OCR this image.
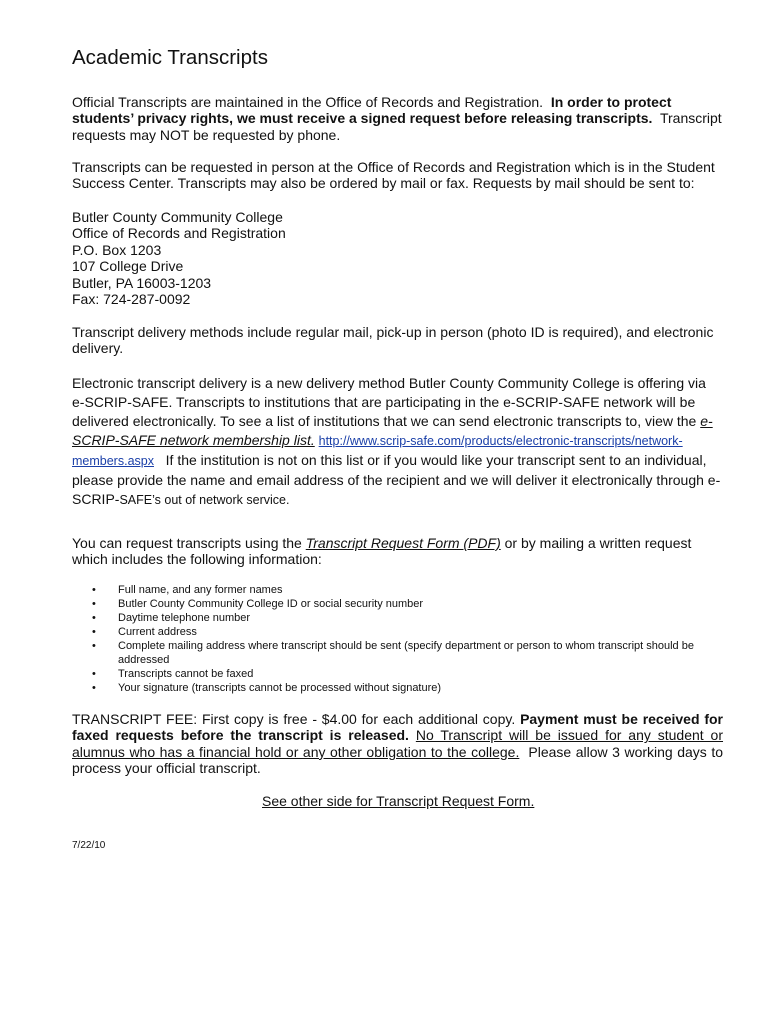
Academic Transcripts
Official Transcripts are maintained in the Office of Records and Registration. In order to protect students’ privacy rights, we must receive a signed request before releasing transcripts. Transcript requests may NOT be requested by phone.
Transcripts can be requested in person at the Office of Records and Registration which is in the Student Success Center. Transcripts may also be ordered by mail or fax. Requests by mail should be sent to:
Butler County Community College
Office of Records and Registration
P.O. Box 1203
107 College Drive
Butler, PA 16003-1203
Fax: 724-287-0092
Transcript delivery methods include regular mail, pick-up in person (photo ID is required), and electronic delivery.
Electronic transcript delivery is a new delivery method Butler County Community College is offering via e-SCRIP-SAFE. Transcripts to institutions that are participating in the e-SCRIP-SAFE network will be delivered electronically. To see a list of institutions that we can send electronic transcripts to, view the e-SCRIP-SAFE network membership list. http://www.scrip-safe.com/products/electronic-transcripts/network-members.aspx If the institution is not on this list or if you would like your transcript sent to an individual, please provide the name and email address of the recipient and we will deliver it electronically through e-SCRIP-SAFE’s out of network service.
You can request transcripts using the Transcript Request Form (PDF) or by mailing a written request which includes the following information:
• Full name, and any former names
• Butler County Community College ID or social security number
• Daytime telephone number
• Current address
• Complete mailing address where transcript should be sent (specify department or person to whom transcript should be addressed
• Transcripts cannot be faxed
• Your signature (transcripts cannot be processed without signature)
TRANSCRIPT FEE: First copy is free - $4.00 for each additional copy. Payment must be received for faxed requests before the transcript is released. No Transcript will be issued for any student or alumnus who has a financial hold or any other obligation to the college. Please allow 3 working days to process your official transcript.
See other side for Transcript Request Form.
7/22/10
